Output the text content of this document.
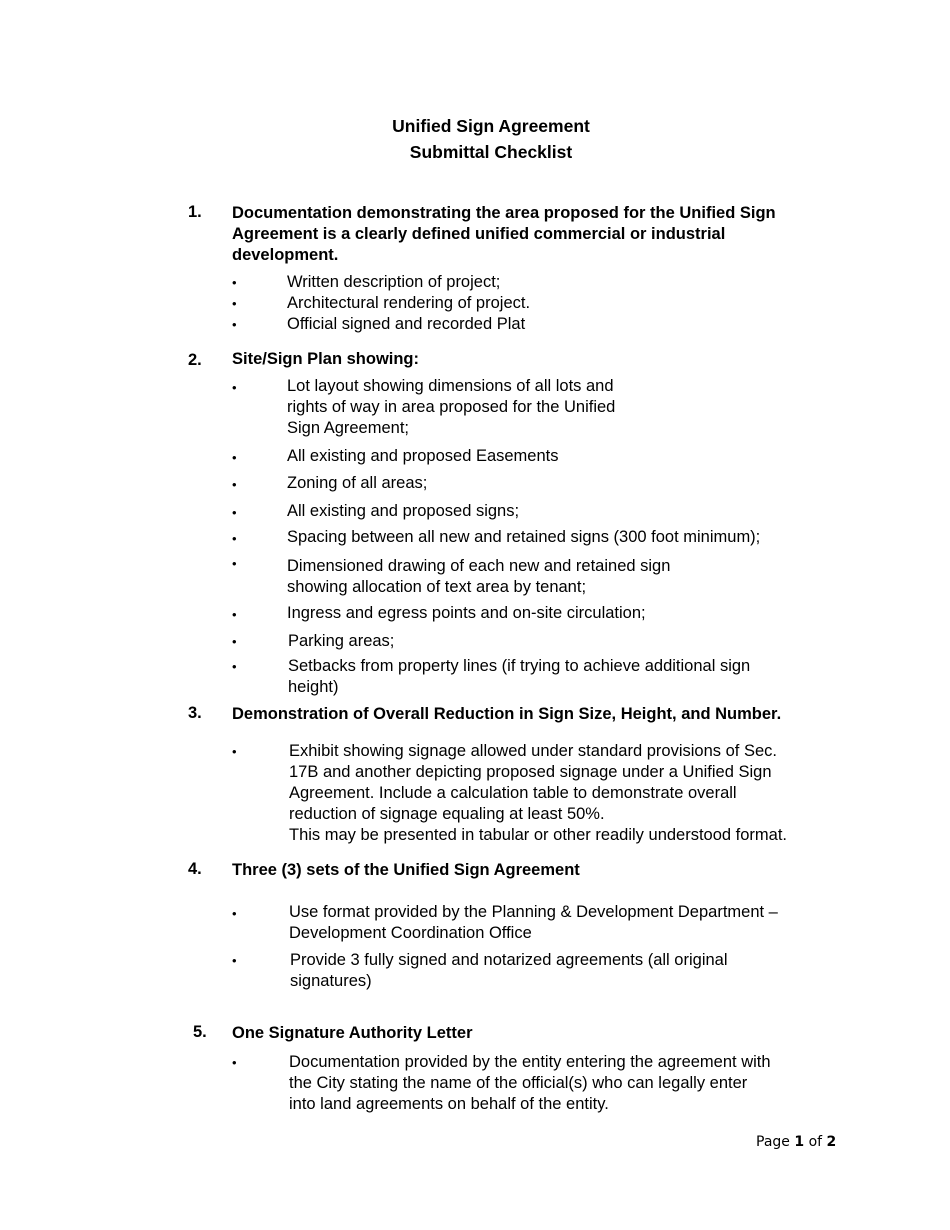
Unified Sign Agreement
Submittal Checklist
1. Documentation demonstrating the area proposed for the Unified Sign
Agreement is a clearly defined unified commercial or industrial
development.
•	Written description of project;
•	Architectural rendering of project.
•	Official signed and recorded Plat
2. Site/Sign Plan showing:
•	Lot layout showing dimensions of all lots and
rights of way in area proposed for the Unified
Sign Agreement;
•	All existing and proposed Easements
•	Zoning of all areas;
•	All existing and proposed signs;
•	Spacing between all new and retained signs (300 foot minimum);
•	Dimensioned drawing of each new and retained sign
showing allocation of text area by tenant;
•	Ingress and egress points and on-site circulation;
•	Parking areas;
•	Setbacks from property lines (if trying to achieve additional sign
height)
3. Demonstration of Overall Reduction in Sign Size, Height, and Number.
•	Exhibit showing signage allowed under standard provisions of Sec.
17B and another depicting proposed signage under a Unified Sign
Agreement. Include a calculation table to demonstrate overall
reduction of signage equaling at least 50%.
This may be presented in tabular or other readily understood format.
4. Three (3) sets of the Unified Sign Agreement
•	Use format provided by the Planning & Development Department –
Development Coordination Office
•	Provide 3 fully signed and notarized agreements (all original
signatures)
5. One Signature Authority Letter
•	Documentation provided by the entity entering the agreement with
the City stating the name of the official(s) who can legally enter
into land agreements on behalf of the entity.
Page 1 of 2
